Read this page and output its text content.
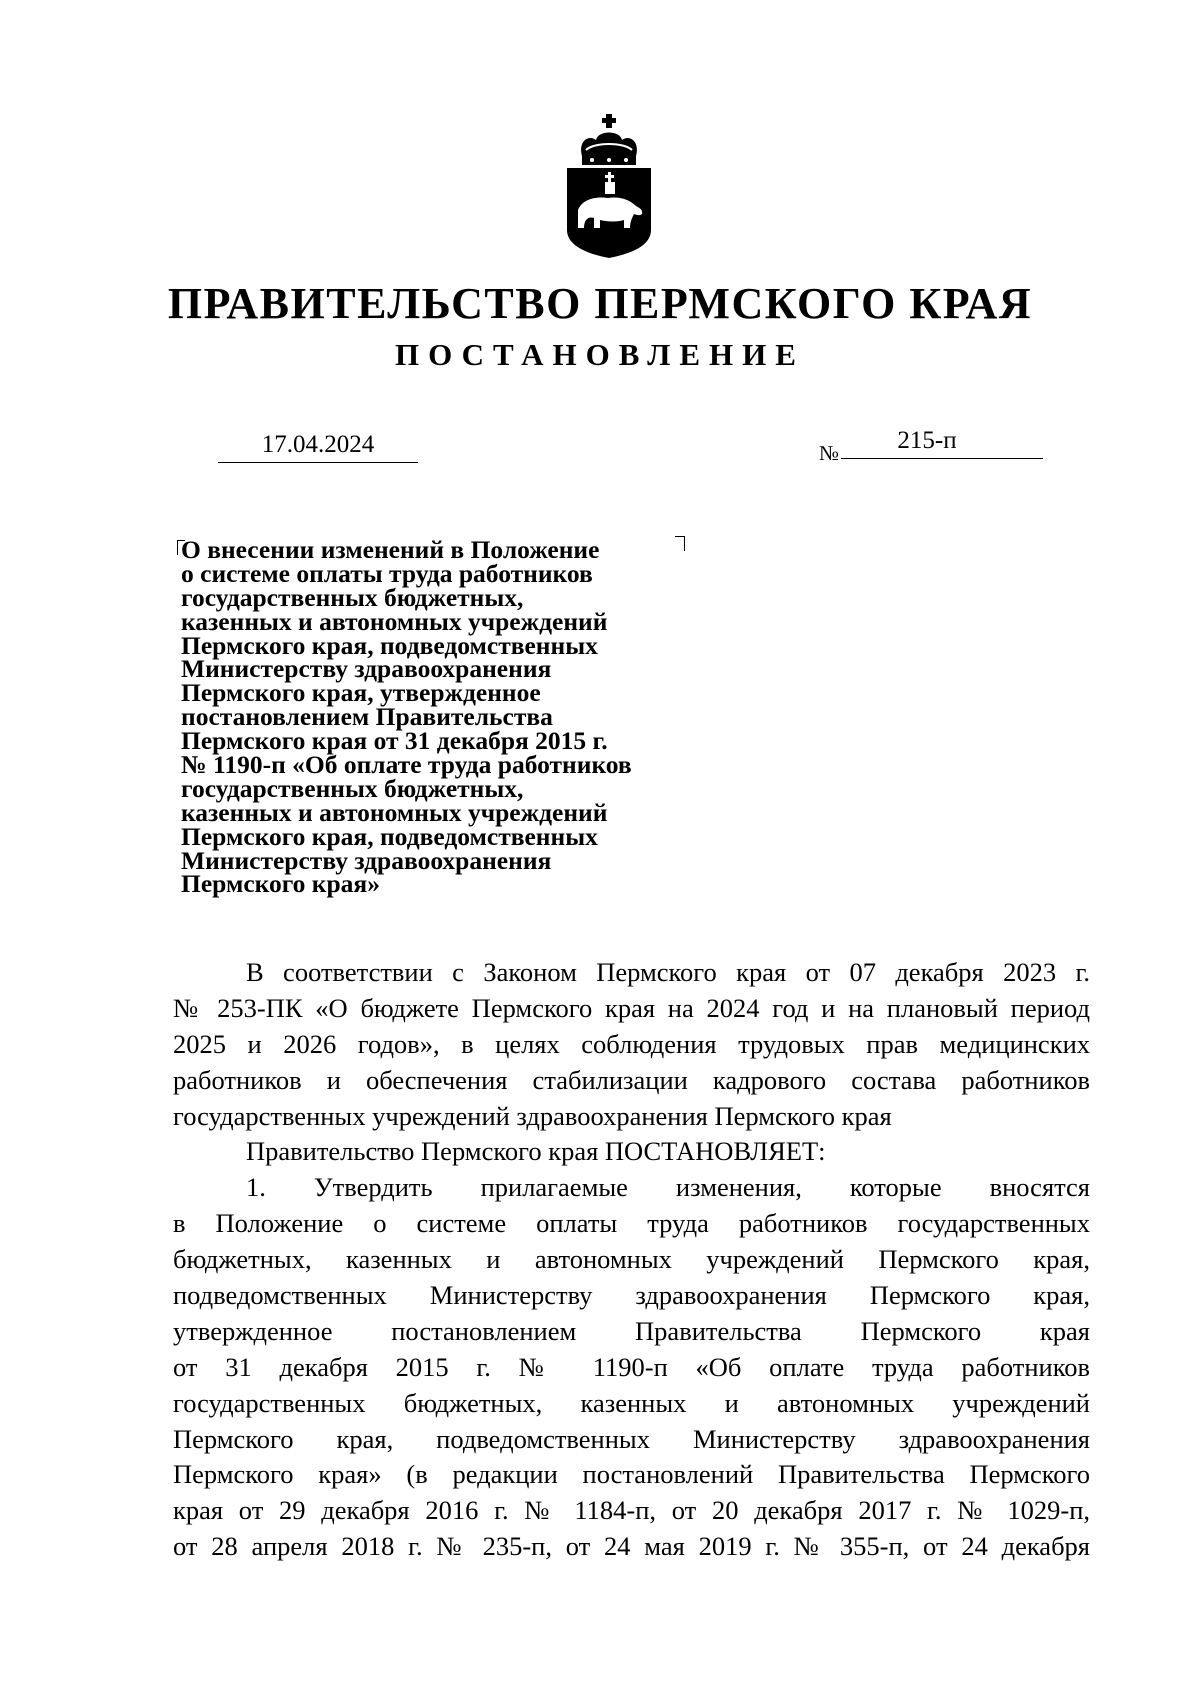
ПРАВИТЕЛЬСТВО ПЕРМСКОГО КРАЯ
ПОСТАНОВЛЕНИЕ
17.04.2024	№	215-п
О внесении изменений в Положение
о системе оплаты труда работников
государственных бюджетных,
казенных и автономных учреждений
Пермского края, подведомственных
Министерству здравоохранения
Пермского края, утвержденное
постановлением Правительства
Пермского края от 31 декабря 2015 г.
№ 1190-п «Об оплате труда работников
государственных бюджетных,
казенных и автономных учреждений
Пермского края, подведомственных
Министерству здравоохранения
Пермского края»
В соответствии с Законом Пермского края от 07 декабря 2023 г.
№ 253-ПК «О бюджете Пермского края на 2024 год и на плановый период
2025 и 2026 годов», в целях соблюдения трудовых прав медицинских
работников и обеспечения стабилизации кадрового состава работников
государственных учреждений здравоохранения Пермского края
Правительство Пермского края ПОСТАНОВЛЯЕТ:
1. Утвердить прилагаемые изменения, которые вносятся
в Положение о системе оплаты труда работников государственных
бюджетных, казенных и автономных учреждений Пермского края,
подведомственных Министерству здравоохранения Пермского края,
утвержденное постановлением Правительства Пермского края
от 31 декабря 2015 г. № 1190-п «Об оплате труда работников
государственных бюджетных, казенных и автономных учреждений
Пермского края, подведомственных Министерству здравоохранения
Пермского края» (в редакции постановлений Правительства Пермского
края от 29 декабря 2016 г. № 1184-п, от 20 декабря 2017 г. № 1029-п,
от 28 апреля 2018 г. № 235-п, от 24 мая 2019 г. № 355-п, от 24 декабря
